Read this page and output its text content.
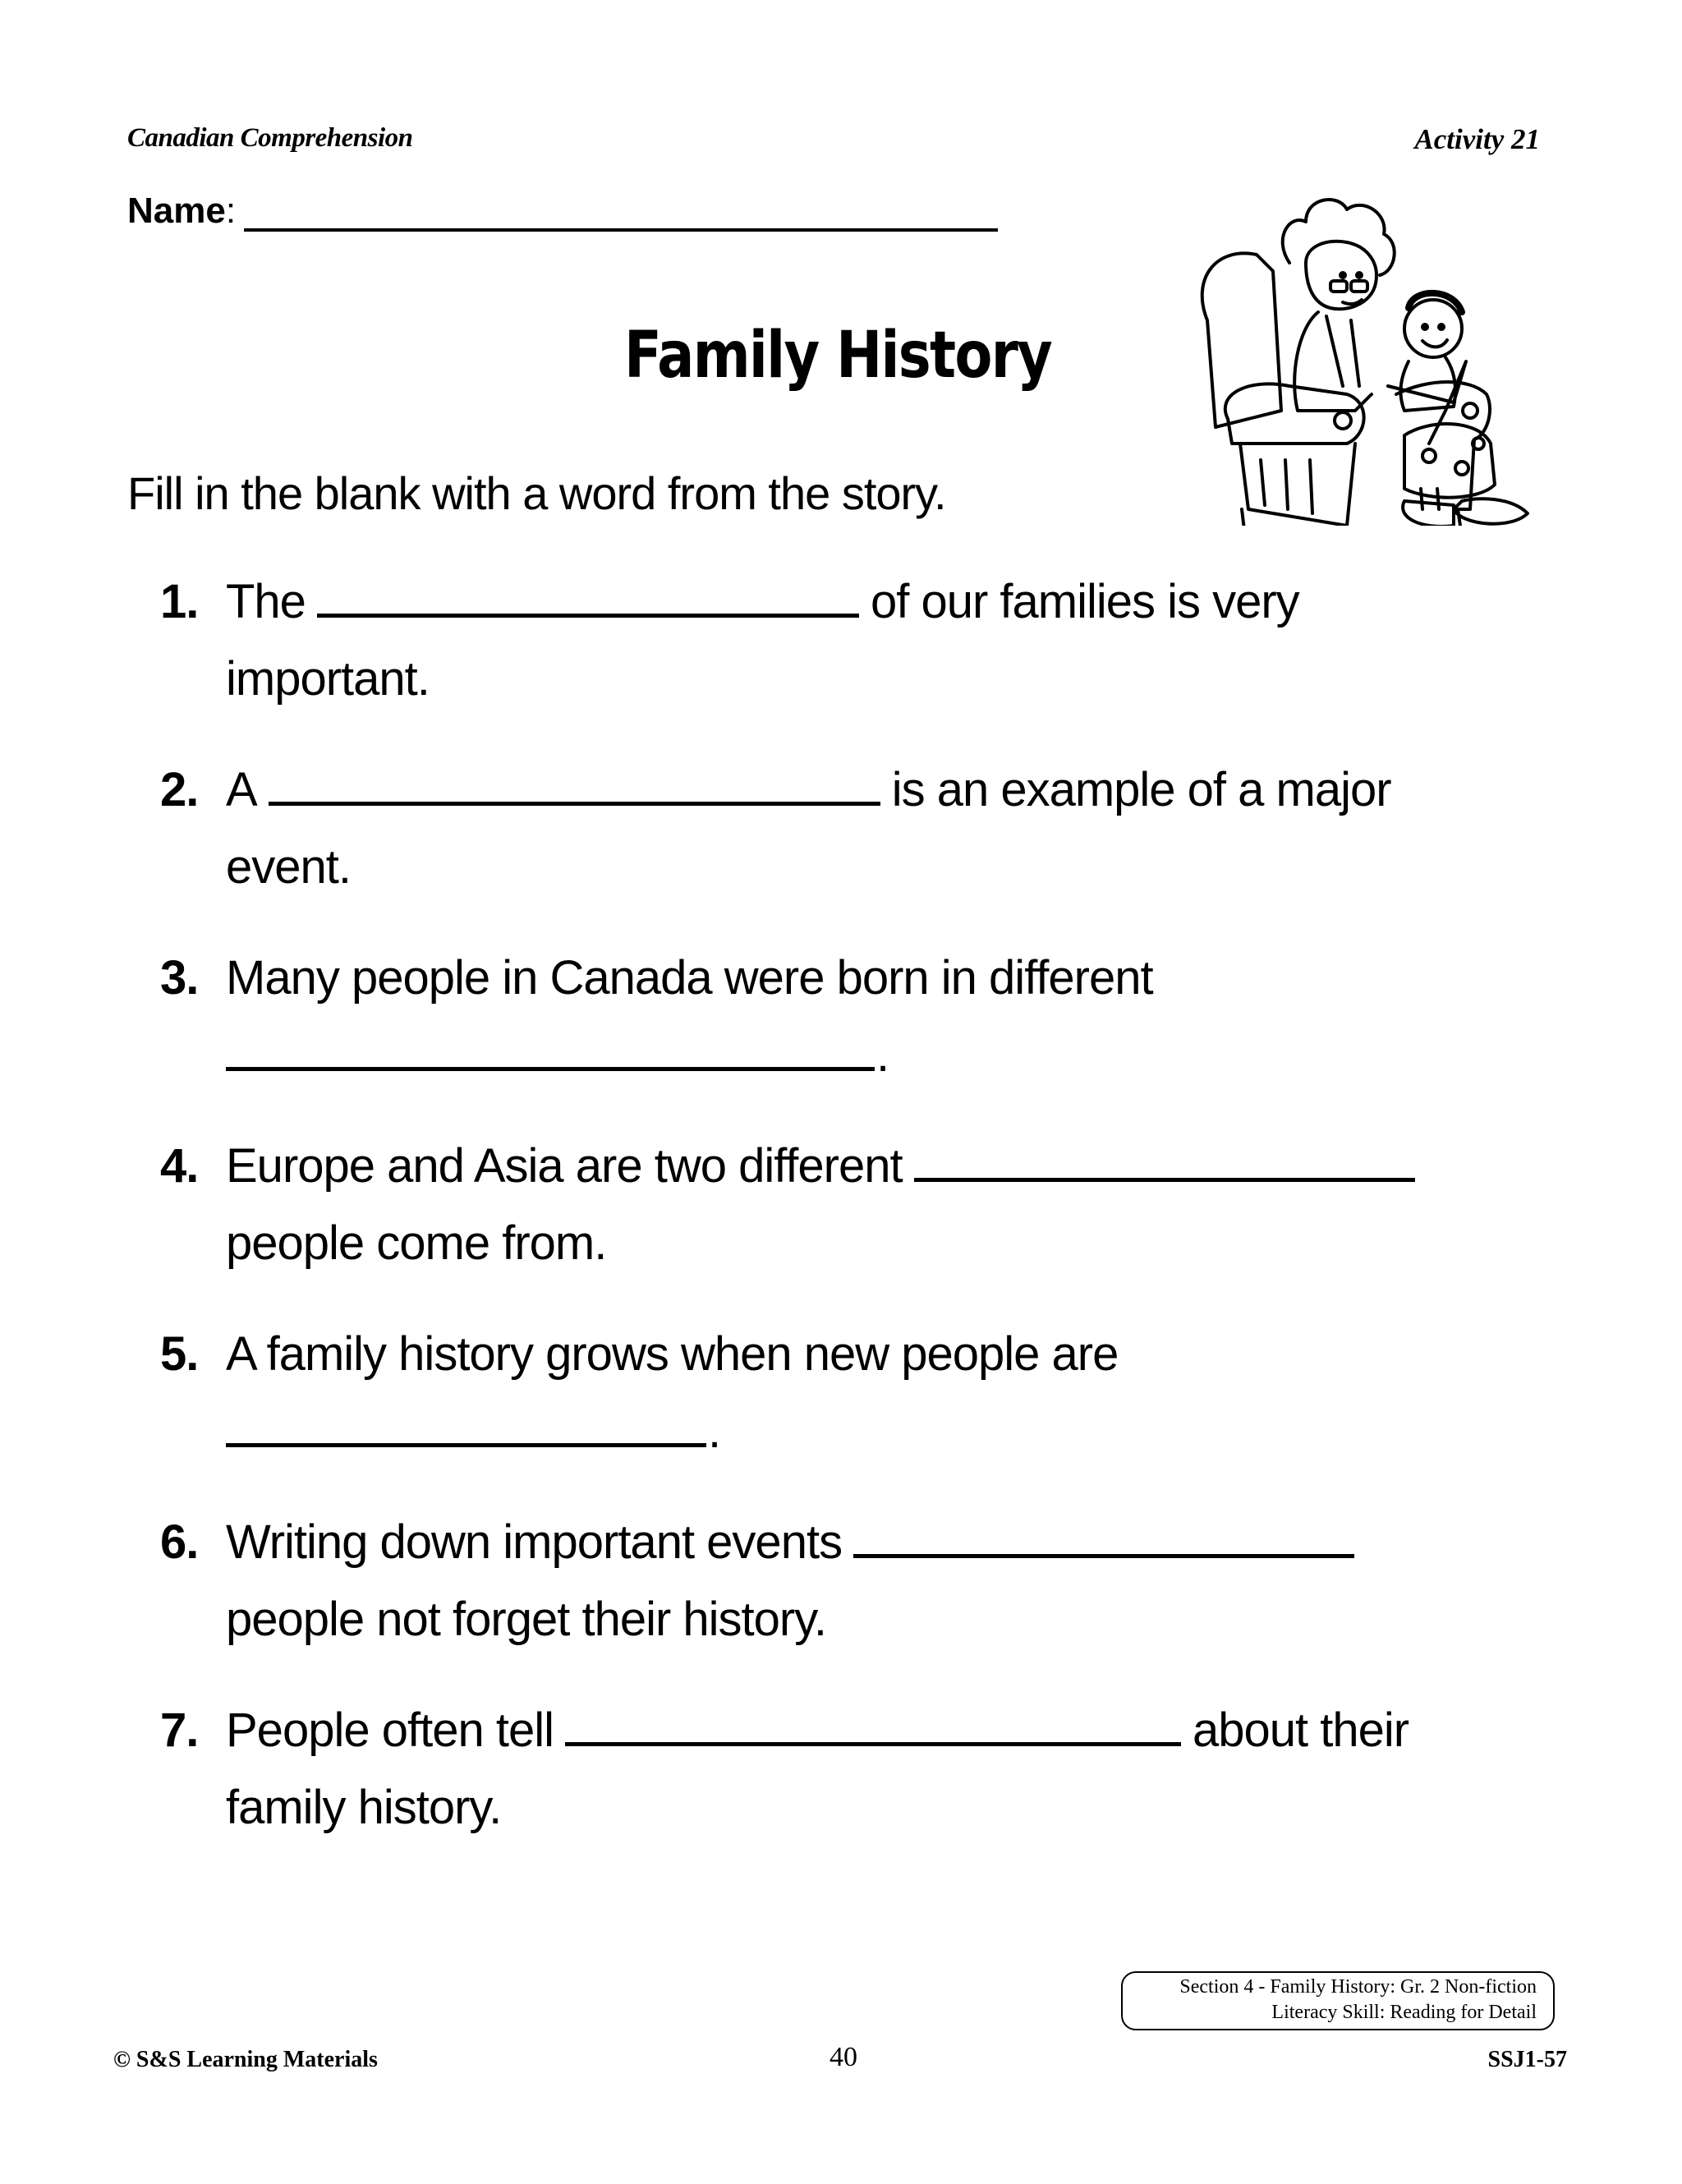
Canadian Comprehension	Activity 21
Name :
Family History
Fill in the blank with a word from the story.
1. The	of our families is very
important.
2. A	is an example of a major
event.
3. Many people in Canada were born in different
.
4. Europe and Asia are two different
people come from.
5. A family history grows when new people are
.
6. Writing down important events
people not forget their history.
7. People often tell	about their
family history.
Section 4 - Family History: Gr. 2 Non-fiction
Literacy Skill: Reading for Detail
© S&S Learning Materials	40	SSJ1-57
